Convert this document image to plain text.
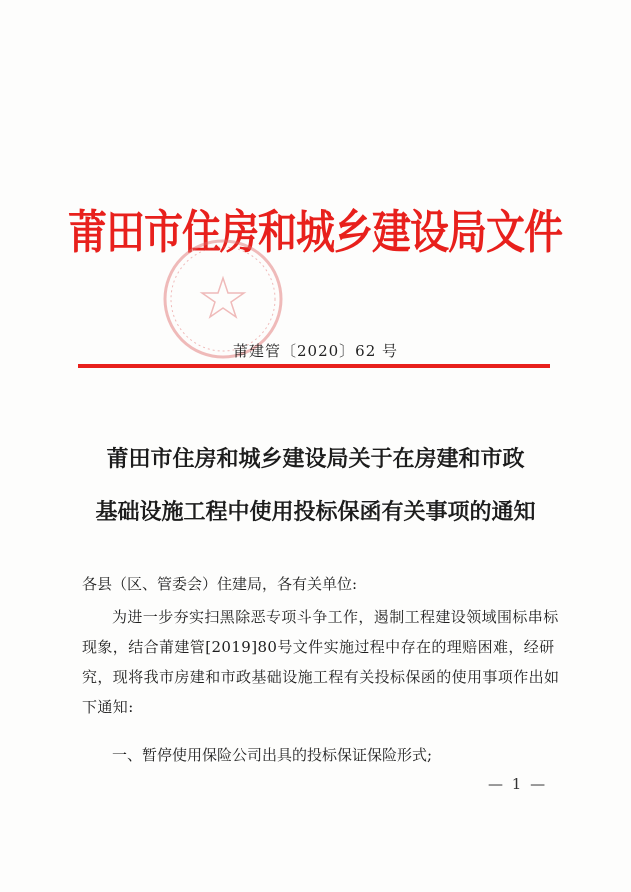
莆田市住房和城乡建设局文件
莆建管〔2020〕62 号
莆田市住房和城乡建设局关于在房建和市政
基础设施工程中使用投标保函有关事项的通知
各县（区、管委会）住建局，各有关单位:
为进一步夯实扫黑除恶专项斗争工作，遏制工程建设领域围标串标现象，结合莆建管[2019]80号文件实施过程中存在的理赔困难，经研究，现将我市房建和市政基础设施工程有关投标保函的使用事项作出如下通知:
一、暂停使用保险公司出具的投标保证保险形式;
— 1 —
